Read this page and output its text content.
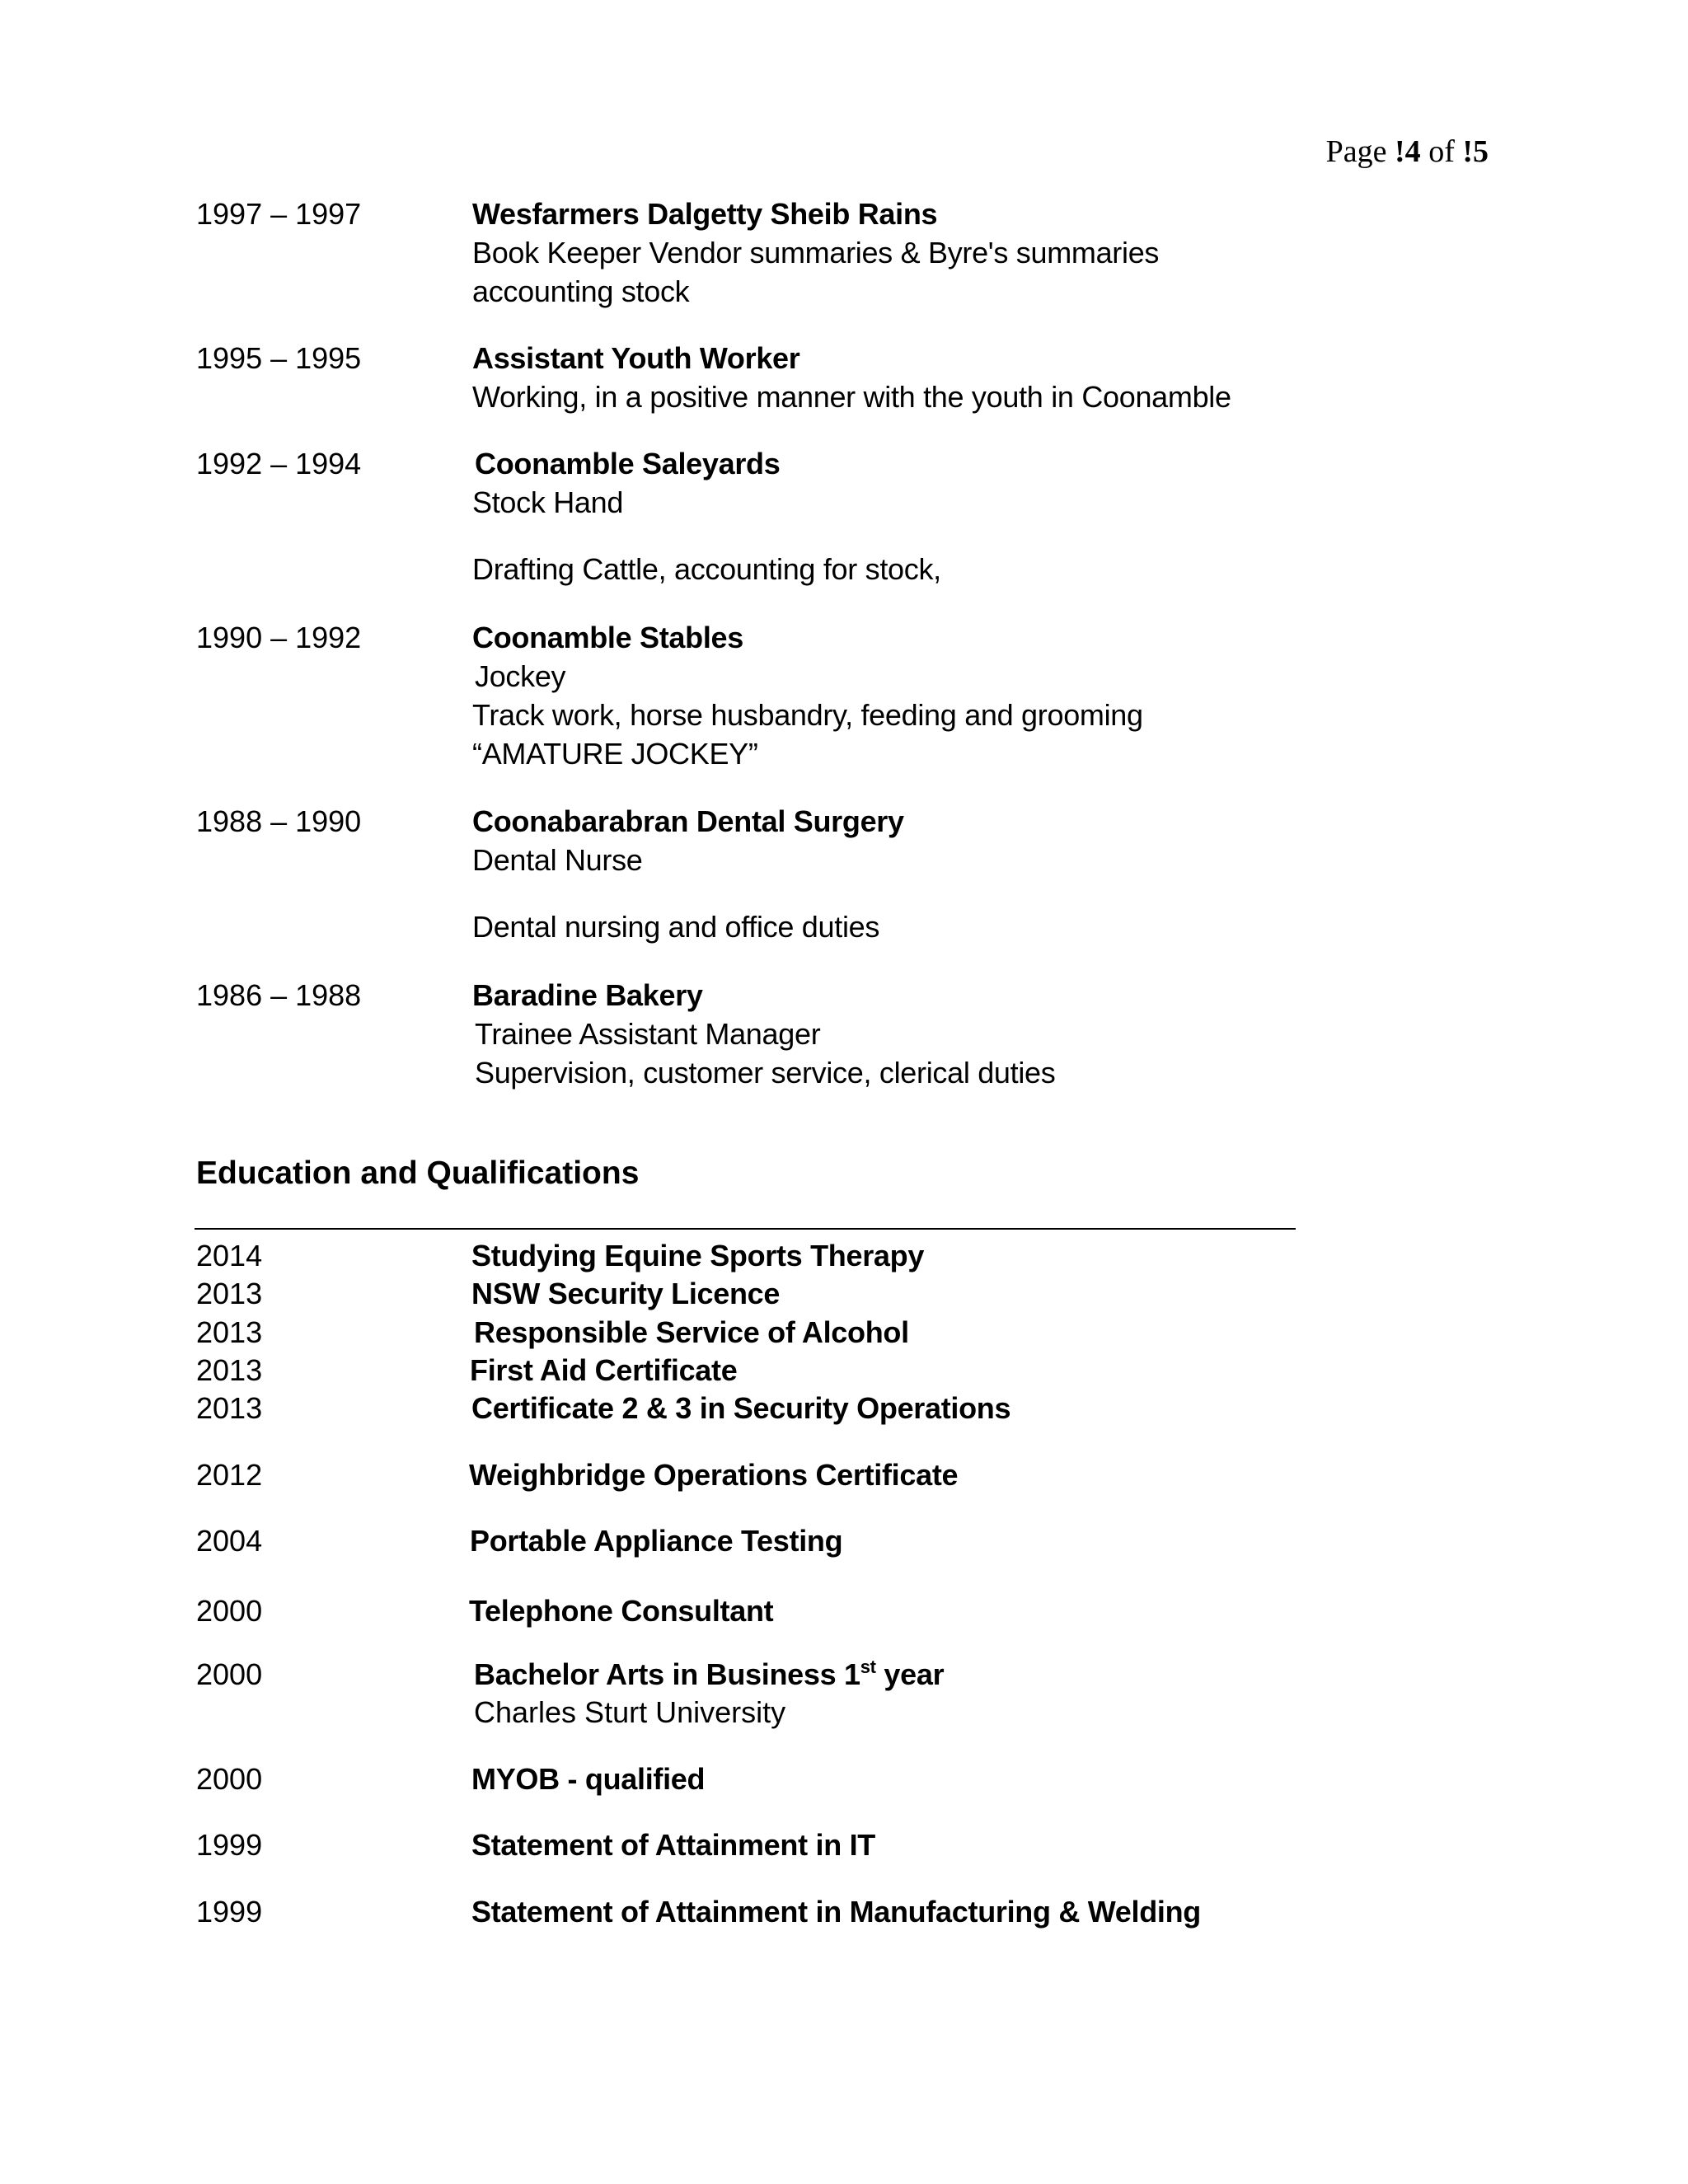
Page !4 of !5
1997 – 1997	Wesfarmers Dalgetty Sheib Rains
Book Keeper Vendor summaries & Byre's summaries
accounting stock
1995 – 1995	Assistant Youth Worker
Working, in a positive manner with the youth in Coonamble
1992 – 1994	Coonamble Saleyards
Stock Hand
Drafting Cattle, accounting for stock,
1990 – 1992	Coonamble Stables
Jockey
Track work, horse husbandry, feeding and grooming
“AMATURE JOCKEY”
1988 – 1990	Coonabarabran Dental Surgery
Dental Nurse
Dental nursing and office duties
1986 – 1988	Baradine Bakery
Trainee Assistant Manager
Supervision, customer service, clerical duties
Education and Qualifications
2014	Studying Equine Sports Therapy
2013	NSW Security Licence
2013	Responsible Service of Alcohol
2013	First Aid Certificate
2013	Certificate 2 & 3 in Security Operations
2012	Weighbridge Operations Certificate
2004	Portable Appliance Testing
2000	Telephone Consultant
2000	Bachelor Arts in Business 1st year
Charles Sturt University
2000	MYOB - qualified
1999	Statement of Attainment in IT
1999	Statement of Attainment in Manufacturing & Welding
